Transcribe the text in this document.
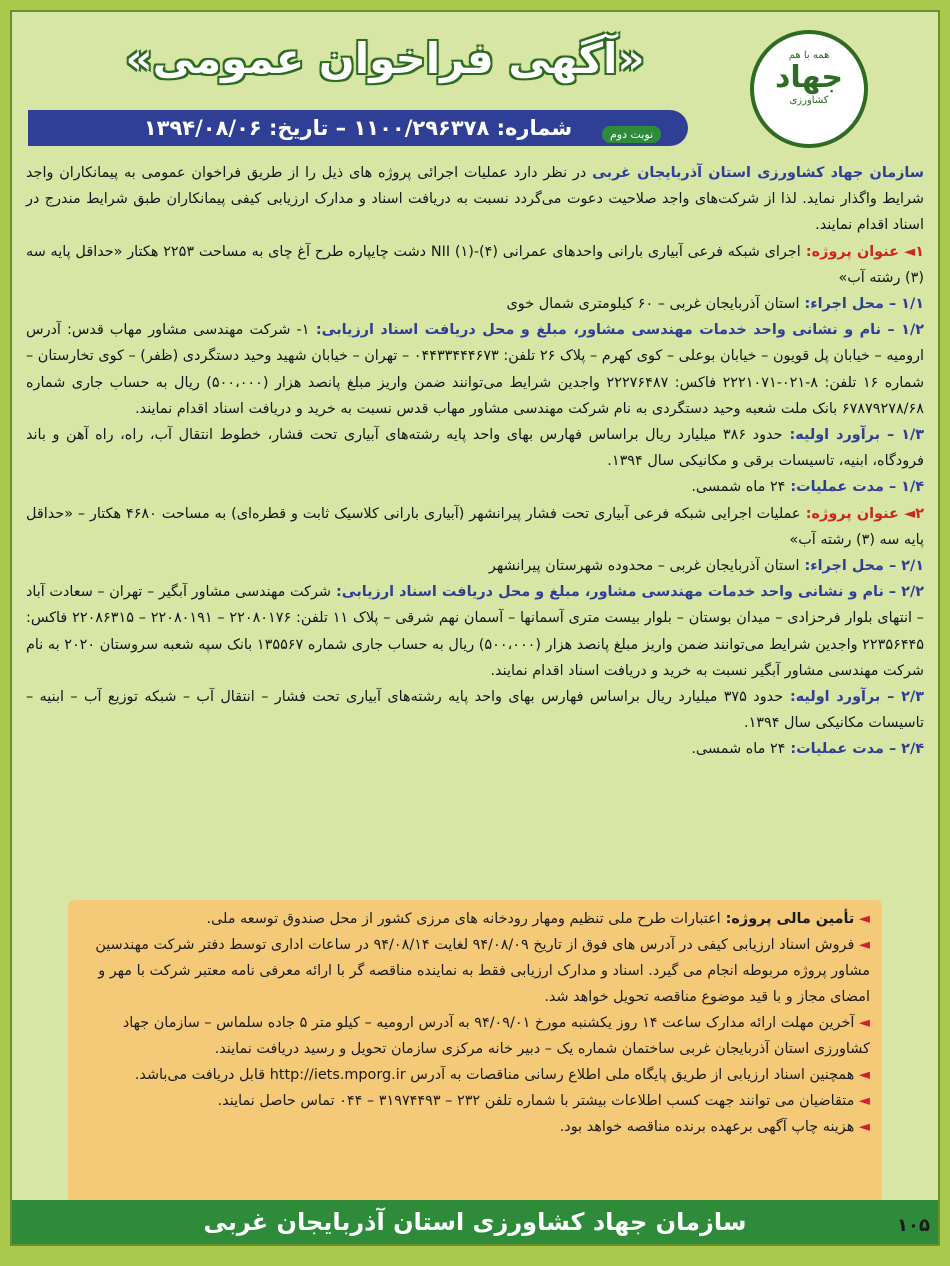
همه با هم
جهاد
کشاورزی
«آگهی فراخوان عمومی»
شماره: ۱۱۰۰/۲۹۶۳۷۸ – تاریخ: ۱۳۹۴/۰۸/۰۶	نوبت دوم

سازمان جهاد کشاورزی استان آذربایجان غربی در نظر دارد عملیات اجرائی پروژه های ذیل را از طریق فراخوان عمومی به پیمانکاران واجد شرایط واگذار نماید. لذا از شرکت‌های واجد صلاحیت دعوت می‌گردد نسبت به دریافت اسناد و مدارک ارزیابی کیفی پیمانکاران طبق شرایط مندرج در اسناد اقدام نمایند.

۱◄ عنوان پروژه: اجرای شبکه فرعی آبیاری بارانی واحدهای عمرانی (۴)-(۱) NII دشت چایپاره طرح آغ چای به مساحت ۲۲۵۳ هکتار «حداقل پایه سه (۳) رشته آب»

۱/۱ – محل اجراء: استان آذربایجان غربی – ۶۰ کیلومتری شمال خوی

۱/۲ – نام و نشانی واحد خدمات مهندسی مشاور، مبلغ و محل دریافت اسناد ارزیابی: ۱- شرکت مهندسی مشاور مهاب قدس: آدرس ارومیه – خیابان پل قویون – خیابان بوعلی – کوی کهرم – پلاک ۲۶ تلفن: ۰۴۴۳۳۴۴۴۶۷۳ – تهران – خیابان شهید وحید دستگردی (ظفر) – کوی تخارستان – شماره ۱۶ تلفن: ۸-۰۲۱-۲۲۲۱۰۷۱ فاکس: ۲۲۲۷۶۴۸۷ واجدین شرایط می‌توانند ضمن واریز مبلغ پانصد هزار (۵۰۰،۰۰۰) ریال به حساب جاری شماره ۶۷۸۷۹۲۷۸/۶۸ بانک ملت شعبه وحید دستگردی به نام شرکت مهندسی مشاور مهاب قدس نسبت به خرید و دریافت اسناد اقدام نمایند.

۱/۳ – برآورد اولیه: حدود ۳۸۶ میلیارد ریال براساس فهارس بهای واحد پایه رشته‌های آبیاری تحت فشار، خطوط انتقال آب، راه، راه آهن و باند فرودگاه، ابنیه، تاسیسات برقی و مکانیکی سال ۱۳۹۴.

۱/۴ – مدت عملیات: ۲۴ ماه شمسی.

۲◄ عنوان پروژه: عملیات اجرایی شبکه فرعی آبیاری تحت فشار پیرانشهر (آبیاری بارانی کلاسیک ثابت و قطره‌ای) به مساحت ۴۶۸۰ هکتار – «حداقل پایه سه (۳) رشته آب»

۲/۱ – محل اجراء: استان آذربایجان غربی – محدوده شهرستان پیرانشهر

۲/۲ – نام و نشانی واحد خدمات مهندسی مشاور، مبلغ و محل دریافت اسناد ارزیابی: شرکت مهندسی مشاور آبگیر – تهران – سعادت آباد – انتهای بلوار فرحزادی – میدان بوستان – بلوار بیست متری آسمانها – آسمان نهم شرقی – پلاک ۱۱ تلفن: ۲۲۰۸۰۱۷۶ – ۲۲۰۸۰۱۹۱ – ۲۲۰۸۶۳۱۵ فاکس: ۲۲۳۵۶۴۴۵ واجدین شرایط می‌توانند ضمن واریز مبلغ پانصد هزار (۵۰۰،۰۰۰) ریال به حساب جاری شماره ۱۳۵۵۶۷ بانک سپه شعبه سروستان ۲۰۲۰ به نام شرکت مهندسی مشاور آبگیر نسبت به خرید و دریافت اسناد اقدام نمایند.

۲/۳ – برآورد اولیه: حدود ۳۷۵ میلیارد ریال براساس فهارس بهای واحد پایه رشته‌های آبیاری تحت فشار – انتقال آب – شبکه توزیع آب – ابنیه – تاسیسات مکانیکی سال ۱۳۹۴.

۲/۴ – مدت عملیات: ۲۴ ماه شمسی.

◄ تأمین مالی پروژه: اعتبارات طرح ملی تنظیم ومهار رودخانه های مرزی کشور از محل صندوق توسعه ملی.

◄ فروش اسناد ارزیابی کیفی در آدرس های فوق از تاریخ ۹۴/۰۸/۰۹ لغایت ۹۴/۰۸/۱۴ در ساعات اداری توسط دفتر شرکت مهندسین مشاور پروژه مربوطه انجام می گیرد. اسناد و مدارک ارزیابی فقط به نماینده مناقصه گر با ارائه معرفی نامه معتبر شرکت با مهر و امضای مجاز و با قید موضوع مناقصه تحویل خواهد شد.

◄ آخرین مهلت ارائه مدارک ساعت ۱۴ روز یکشنبه مورخ ۹۴/۰۹/۰۱ به آدرس ارومیه – کیلو متر ۵ جاده سلماس – سازمان جهاد کشاورزی استان آذربایجان غربی ساختمان شماره یک – دبیر خانه مرکزی سازمان تحویل و رسید دریافت نمایند.

◄ همچنین اسناد ارزیابی از طریق پایگاه ملی اطلاع رسانی مناقصات به آدرس http://iets.mporg.ir قابل دریافت می‌باشد.

◄ متقاضیان می توانند جهت کسب اطلاعات بیشتر با شماره تلفن ۲۳۲ – ۳۱۹۷۴۴۹۳ – ۰۴۴ تماس حاصل نمایند.

◄ هزینه چاپ آگهی برعهده برنده مناقصه خواهد بود.

سازمان جهاد کشاورزی استان آذربایجان غربی	۱۰۵
